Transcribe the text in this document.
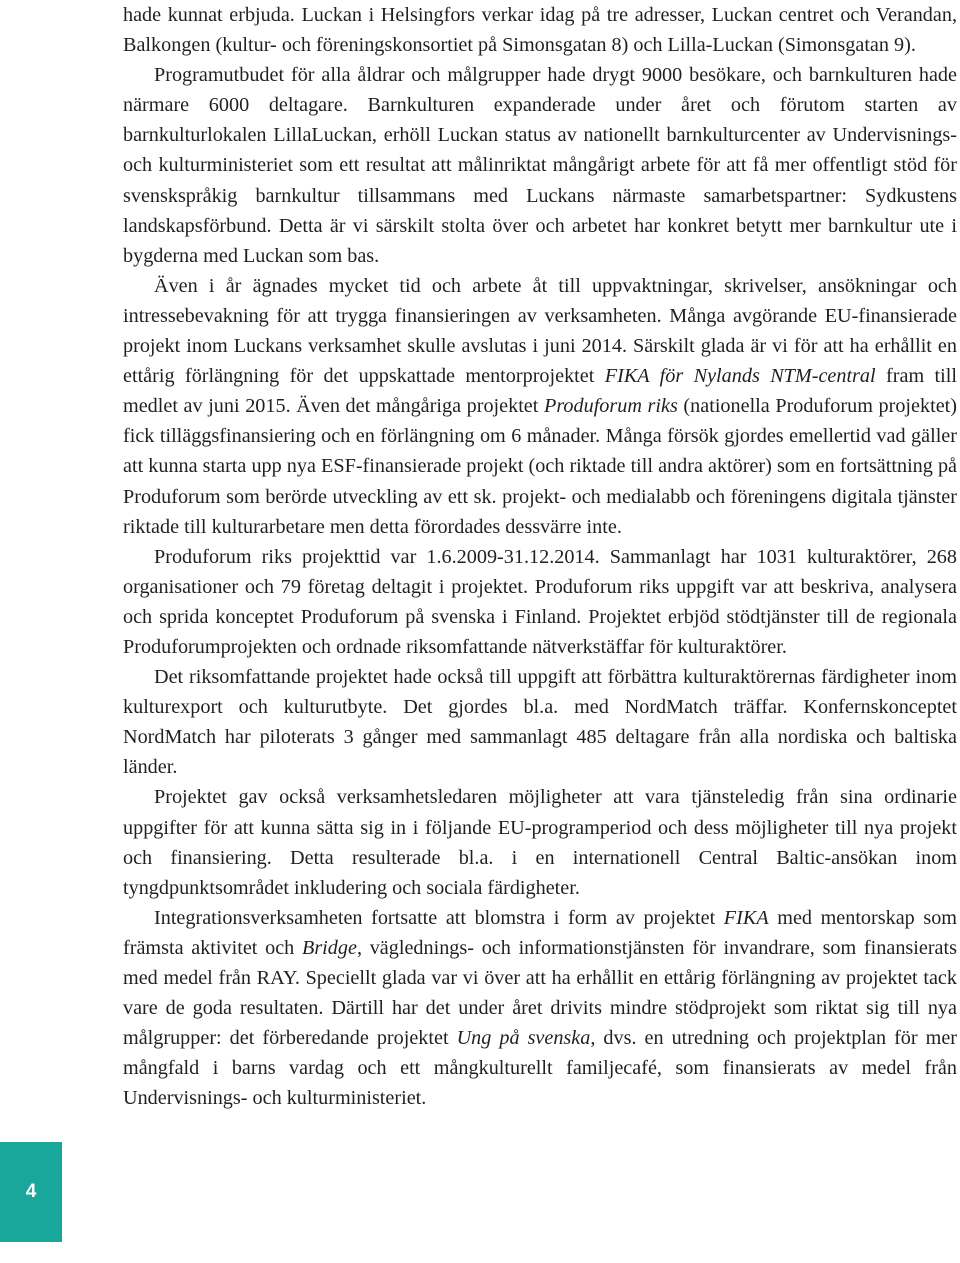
hade kunnat erbjuda. Luckan i Helsingfors verkar idag på tre adresser, Luckan centret och Verandan, Balkongen (kultur- och föreningskonsortiet på Simonsgatan 8) och Lilla-Luckan (Simonsgatan 9).

Programutbudet för alla åldrar och målgrupper hade drygt 9000 besökare, och barnkulturen hade närmare 6000 deltagare. Barnkulturen expanderade under året och förutom starten av barnkulturlokalen LillaLuckan, erhöll Luckan status av nationellt barnkulturcenter av Undervisnings- och kulturministeriet som ett resultat att målinriktat mångårigt arbete för att få mer offentligt stöd för svenskspråkig barnkultur tillsammans med Luckans närmaste samarbetspartner: Sydkustens landskapsförbund. Detta är vi särskilt stolta över och arbetet har konkret betytt mer barnkultur ute i bygderna med Luckan som bas.

Även i år ägnades mycket tid och arbete åt till uppvaktningar, skrivelser, ansökningar och intressebevakning för att trygga finansieringen av verksamheten. Många avgörande EU-finansierade projekt inom Luckans verksamhet skulle avslutas i juni 2014. Särskilt glada är vi för att ha erhållit en ettårig förlängning för det uppskattade mentorprojektet FIKA för Nylands NTM-central fram till medlet av juni 2015. Även det mångåriga projektet Produforum riks (nationella Produforum projektet) fick tilläggsfinansiering och en förlängning om 6 månader. Många försök gjordes emellertid vad gäller att kunna starta upp nya ESF-finansierade projekt (och riktade till andra aktörer) som en fortsättning på Produforum som berörde utveckling av ett sk. projekt- och medialabb och föreningens digitala tjänster riktade till kulturarbetare men detta förordades dessvärre inte.

Produforum riks projekttid var 1.6.2009-31.12.2014. Sammanlagt har 1031 kulturaktörer, 268 organisationer och 79 företag deltagit i projektet. Produforum riks uppgift var att beskriva, analysera och sprida konceptet Produforum på svenska i Finland. Projektet erbjöd stödtjänster till de regionala Produforumprojekten och ordnade riksomfattande nätverkstäffar för kulturaktörer.

Det riksomfattande projektet hade också till uppgift att förbättra kulturaktörernas färdigheter inom kulturexport och kulturutbyte. Det gjordes bl.a. med NordMatch träffar. Konfernskonceptet NordMatch har piloterats 3 gånger med sammanlagt 485 deltagare från alla nordiska och baltiska länder.

Projektet gav också verksamhetsledaren möjligheter att vara tjänsteledig från sina ordinarie uppgifter för att kunna sätta sig in i följande EU-programperiod och dess möjligheter till nya projekt och finansiering. Detta resulterade bl.a. i en internationell Central Baltic-ansökan inom tyngdpunktsområdet inkludering och sociala färdigheter.

Integrationsverksamheten fortsatte att blomstra i form av projektet FIKA med mentorskap som främsta aktivitet och Bridge, väglednings- och informationstjänsten för invandrare, som finansierats med medel från RAY. Speciellt glada var vi över att ha erhållit en ettårig förlängning av projektet tack vare de goda resultaten. Därtill har det under året drivits mindre stödprojekt som riktat sig till nya målgrupper: det förberedande projektet Ung på svenska, dvs. en utredning och projektplan för mer mångfald i barns vardag och ett mångkulturellt familjecafé, som finansierats av medel från Undervisnings- och kulturministeriet.

4
